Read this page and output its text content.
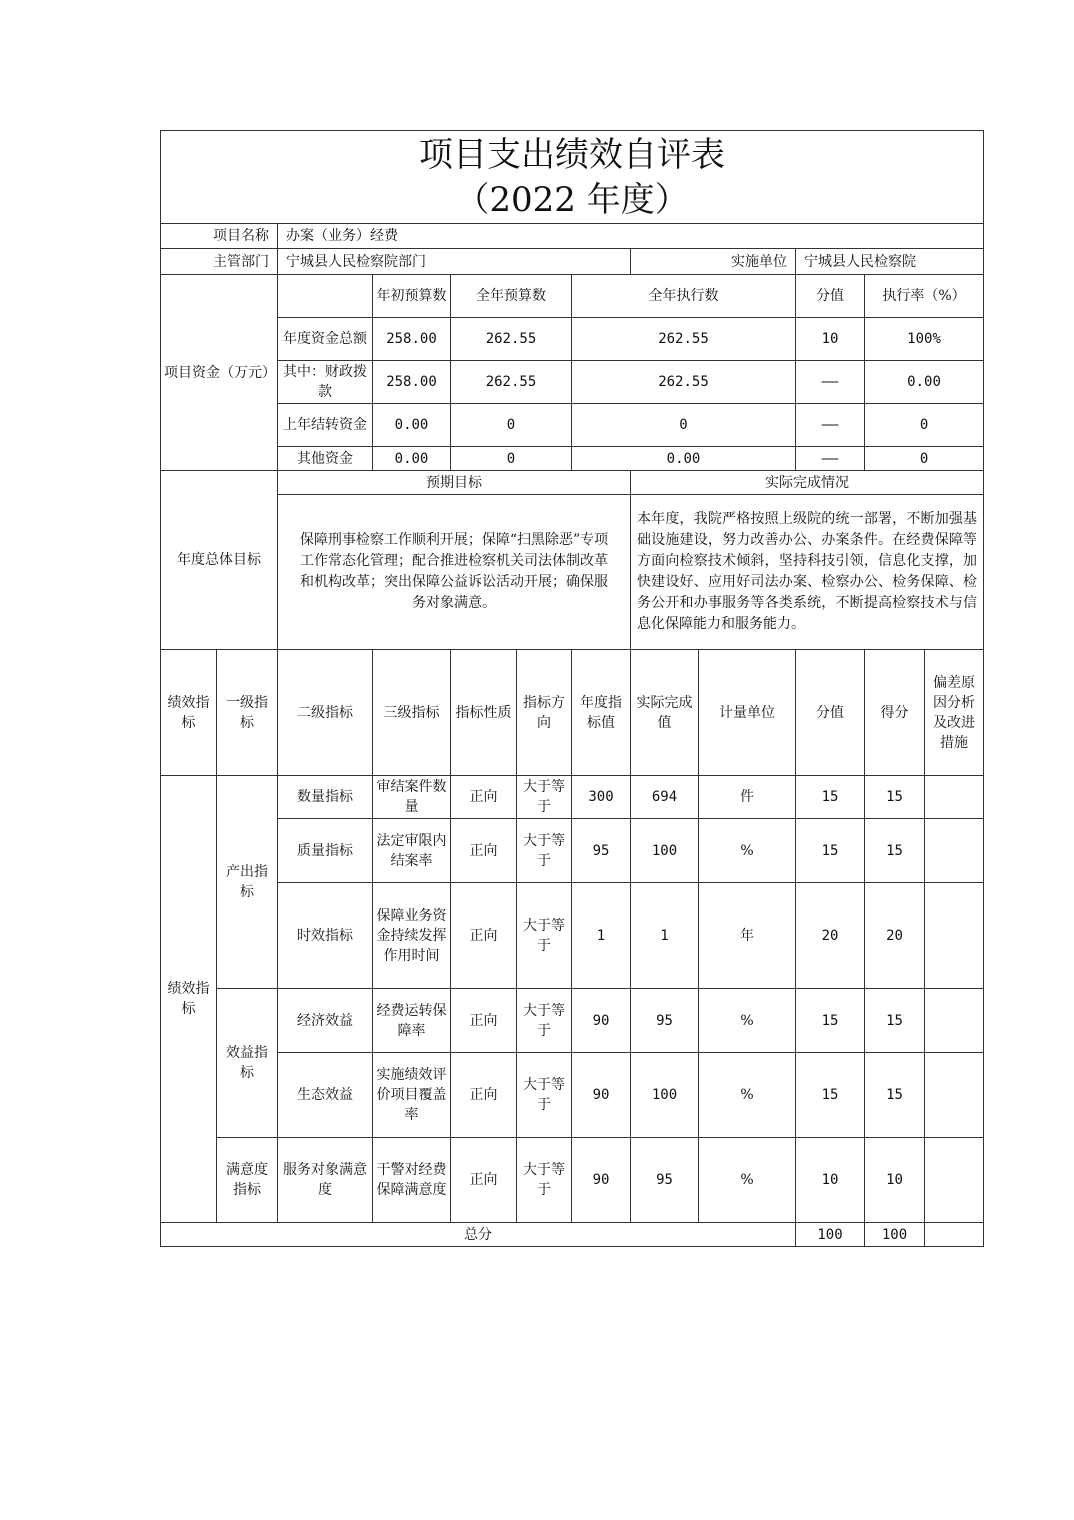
项目支出绩效自评表
（2022 年度）												

项目名称		办案（业务）经费										
主管部门		宁城县人民检察院部门					实施单位		宁城县人民检察院			
项目资金（万元）			年初预算数	全年预算数		全年执行数			分值	执行率（%）	
		年度资金总额	258.00	262.55		262.55			10	100%	
		其中：财政拨款	258.00	262.55		262.55			——	0.00	
		上年结转资金	0.00	0		0			——	0	
		其他资金	0.00	0		0.00			——	0	
年度总体目标		预期目标					实际完成情况					
		保障刑事检察工作顺利开展；保障“扫黑除恶”专项工作常态化管理；配合推进检察机关司法体制改革和机构改革；突出保障公益诉讼活动开展；确保服务对象满意。					本年度，我院严格按照上级院的统一部署，不断加强基础设施建设，努力改善办公、办案条件。在经费保障等方面向检察技术倾斜，坚持科技引领，信息化支撑，加快建设好、应用好司法办案、检察办公、检务保障、检务公开和办事服务等各类系统，不断提高检察技术与信息化保障能力和服务能力。					
绩效指标	一级指标	二级指标	三级指标	指标性质	指标方向	年度指标值	实际完成值	计量单位	分值	得分	偏差原因分析及改进措施	
绩效指标	产出指标	数量指标	审结案件数量	正向	大于等于	300	694	件	15	15		
		质量指标	法定审限内结案率	正向	大于等于	95	100	%	15	15		
		时效指标	保障业务资金持续发挥作用时间	正向	大于等于	1	1	年	20	20		
	效益指标	经济效益	经费运转保障率	正向	大于等于	90	95	%	15	15		
		生态效益	实施绩效评价项目覆盖率	正向	大于等于	90	100	%	15	15		
	满意度指标	服务对象满意度	干警对经费保障满意度	正向	大于等于	90	95	%	10	10		
总分									100	100		
